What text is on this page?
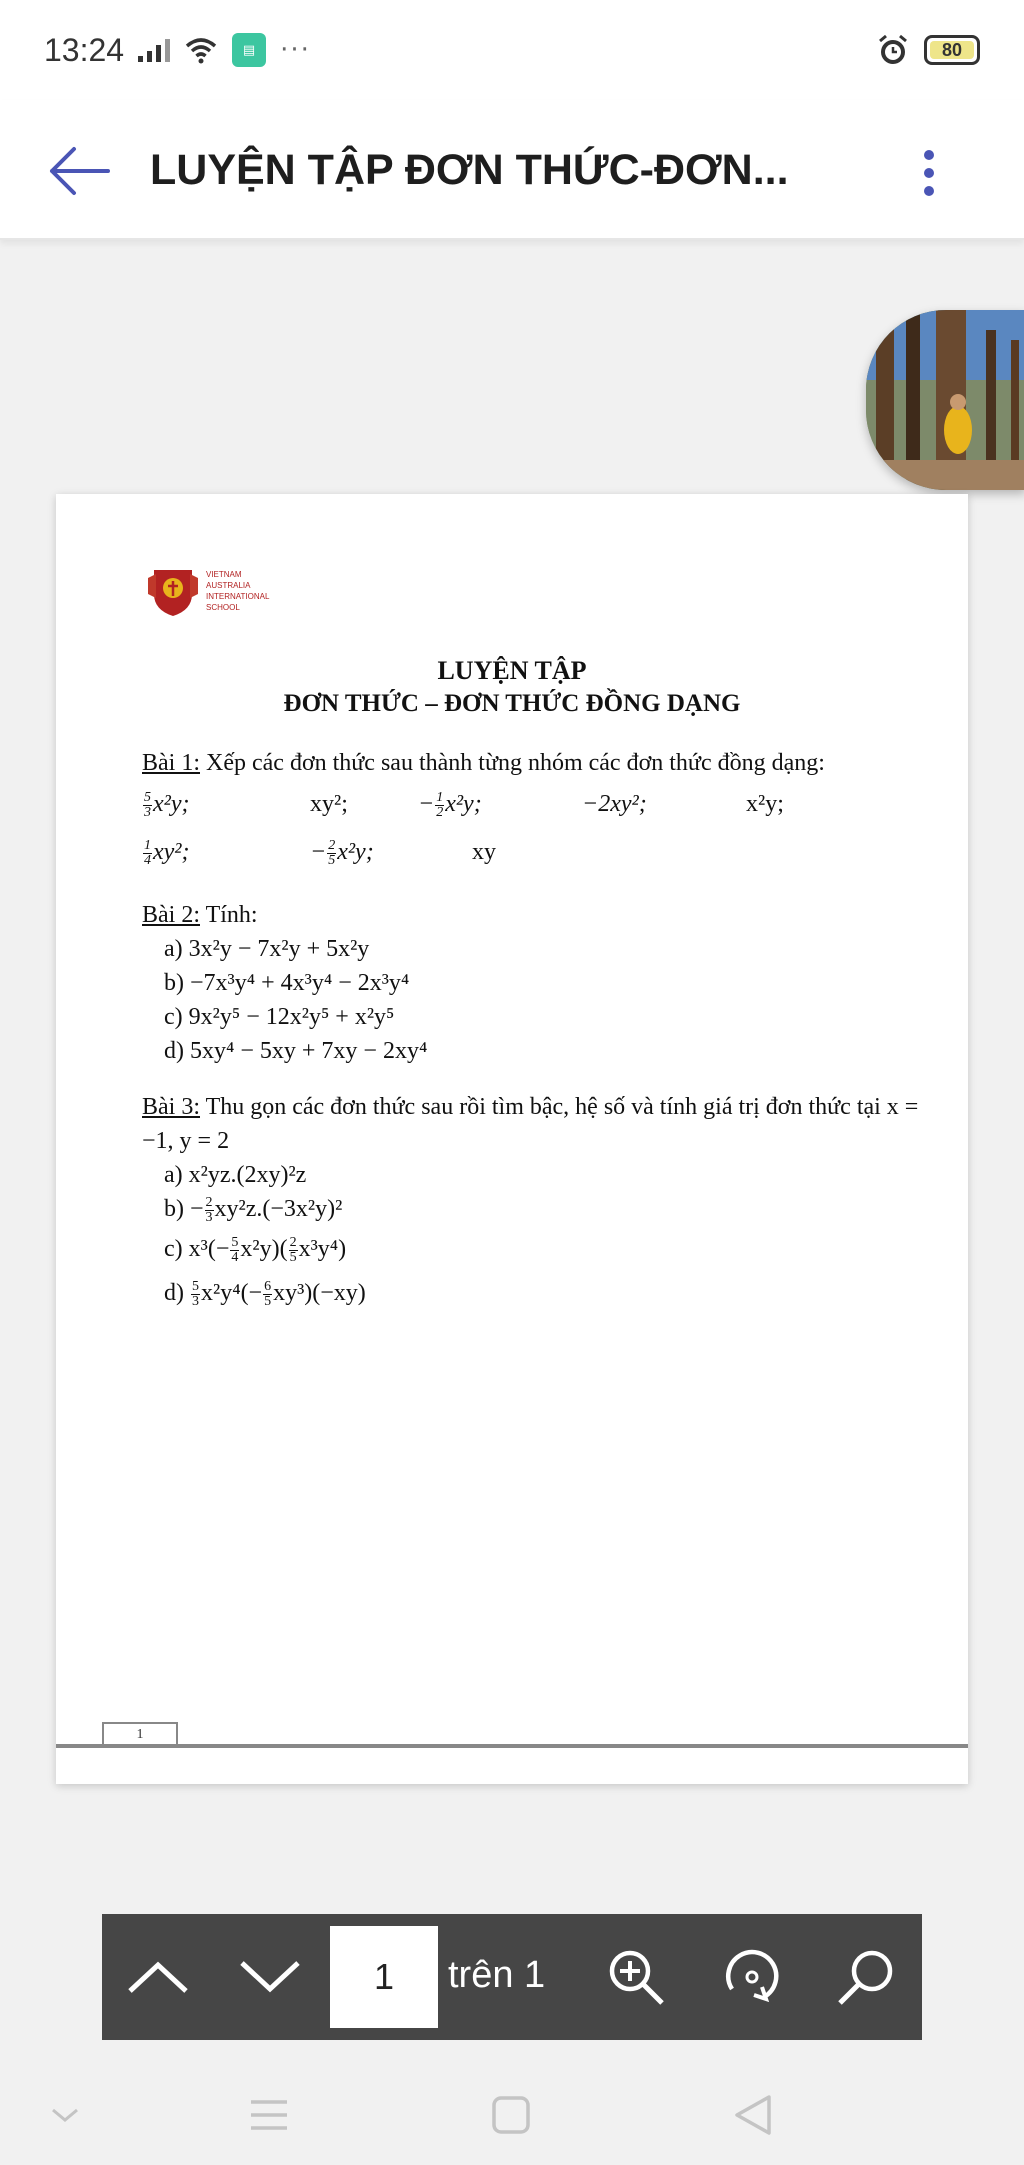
13:24	▤ ···	80
LUYỆN TẬP ĐƠN THỨC-ĐƠN...
VIETNAM
AUSTRALIA
INTERNATIONAL
SCHOOL
LUYỆN TẬP
ĐƠN THỨC – ĐƠN THỨC ĐỒNG DẠNG
Bài 1: Xếp các đơn thức sau thành từng nhóm các đơn thức đồng dạng:
$\frac{5}{3} x^2y$;	xy²;	− $\frac{1}{2} x^2y$;	−2xy²;	x²y;
$\frac{1}{4} xy^2$;	− $\frac{2}{5} x^2y$;	xy
Bài 2: Tính:
a) 3x²y − 7x²y + 5x²y
b) −7x³y⁴ + 4x³y⁴ − 2x³y⁴
c) 9x²y⁵ − 12x²y⁵ + x²y⁵
d) 5xy⁴ − 5xy + 7xy − 2xy⁴
Bài 3: Thu gọn các đơn thức sau rồi tìm bậc, hệ số và tính giá trị đơn thức tại x = −1, y = 2
a) x²yz.(2xy)²z
$b) - \frac{2}{3} xy^2z.(-3x^2y)^2$
c) $x^3(- \frac{5}{4} x^2y)( \frac{2}{5} x^3y^4)$
$d) \frac{5}{3} x^2y^4(- \frac{6}{5} xy^3)(-xy)$
1
1	trên 1
